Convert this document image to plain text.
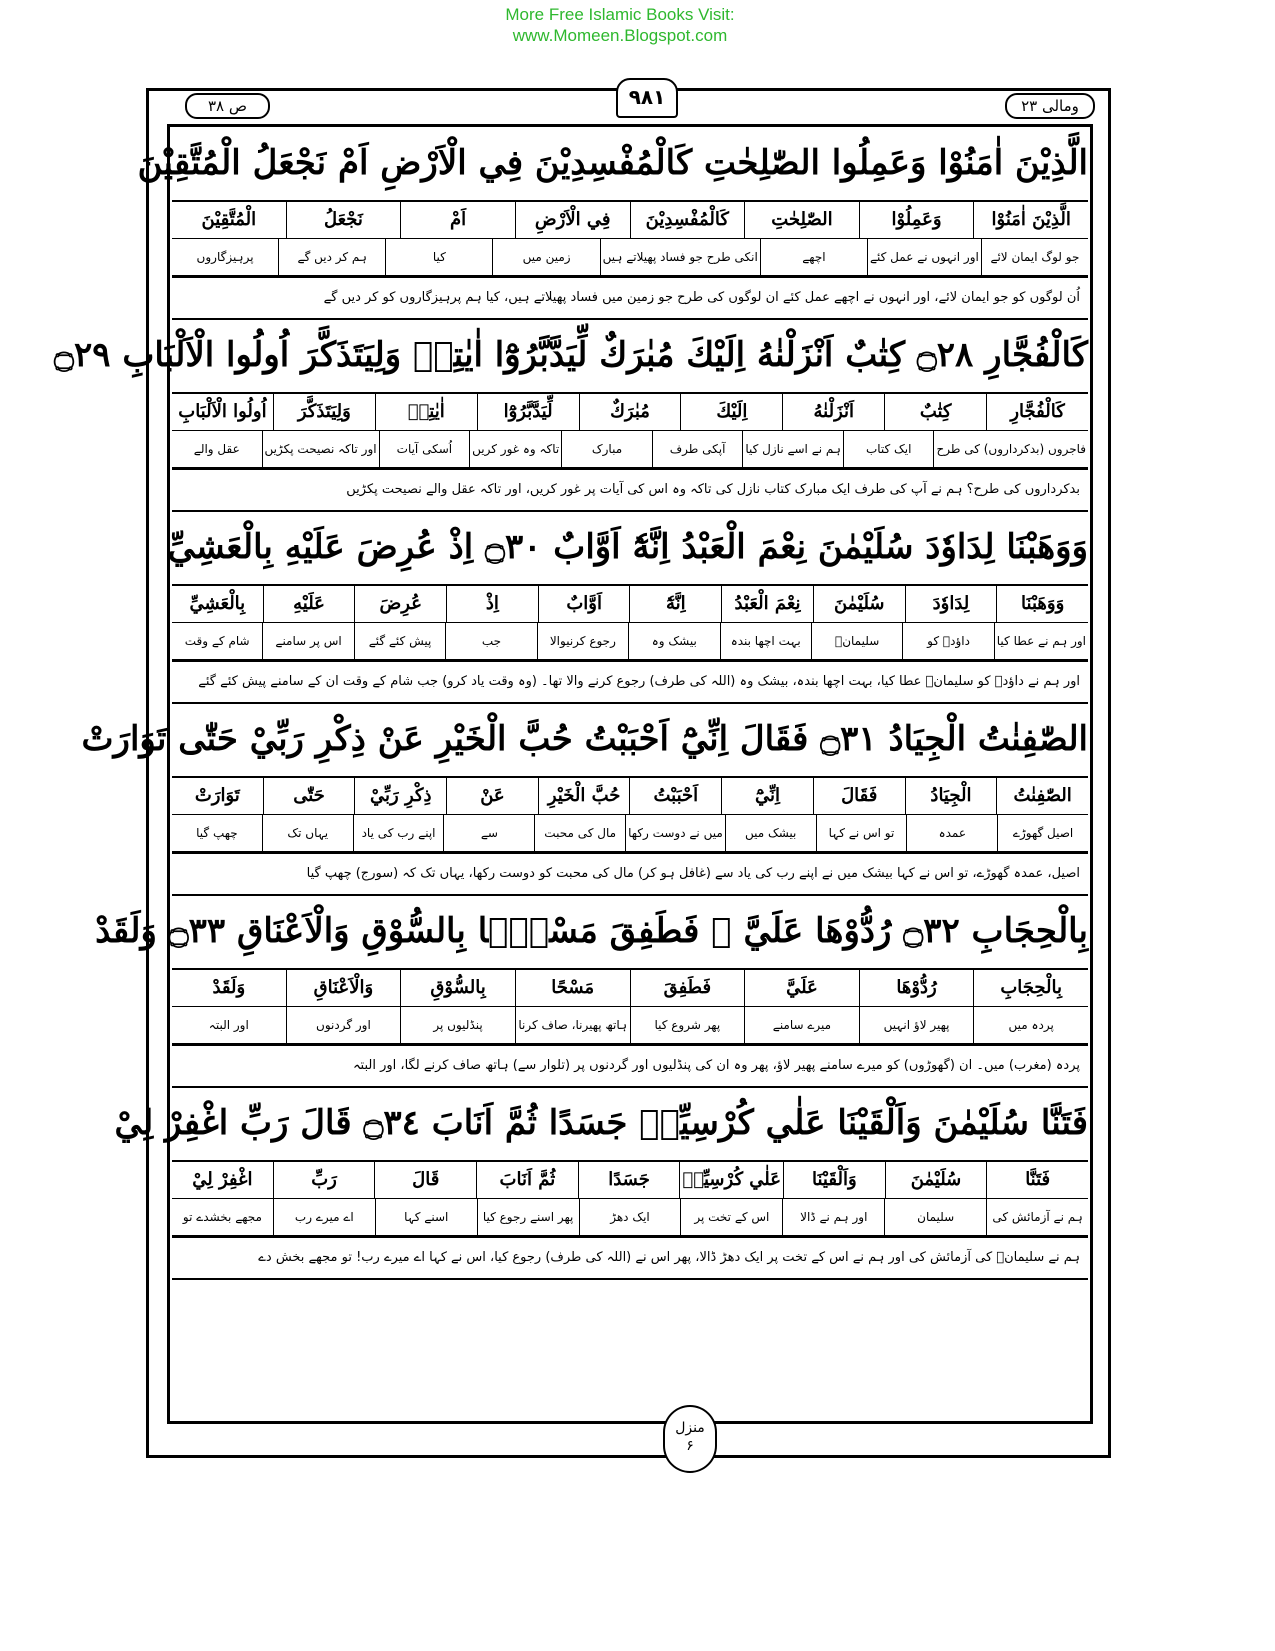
More Free Islamic Books Visit:
www.Momeen.Blogspot.com
ص ۳۸	۹۸۱	ومالی ۲۳
الَّذِيْنَ اٰمَنُوْا وَعَمِلُوا الصّٰلِحٰتِ كَالْمُفْسِدِيْنَ فِي الْاَرْضِ اَمْ نَجْعَلُ الْمُتَّقِيْنَ
الَّذِيْنَ اٰمَنُوْا
وَعَمِلُوْا
الصّٰلِحٰتِ
كَالْمُفْسِدِيْنَ
فِي الْاَرْضِ
اَمْ
نَجْعَلُ
الْمُتَّقِيْنَ
جو لوگ ایمان لائے
اور انہوں نے عمل کئے
اچھے
انکی طرح جو فساد پھیلاتے ہیں
زمین میں
کیا
ہم کر دیں گے
پرہیزگاروں
اُن لوگوں کو جو ایمان لائے، اور انہوں نے اچھے عمل کئے ان لوگوں کی طرح جو زمین میں فساد پھیلاتے ہیں، کیا ہم پرہیزگاروں کو کر دیں گے
كَالْفُجَّارِ ۝٢٨ كِتٰبٌ اَنْزَلْنٰهُ اِلَيْكَ مُبٰرَكٌ لِّيَدَّبَّرُوْٓا اٰيٰتِهٖ وَلِيَتَذَكَّرَ اُولُوا الْاَلْبَابِ ۝٢٩
كَالْفُجَّارِ
كِتٰبٌ
اَنْزَلْنٰهُ
اِلَيْكَ
مُبٰرَكٌ
لِّيَدَّبَّرُوْٓا
اٰيٰتِهٖ
وَلِيَتَذَكَّرَ
اُولُوا الْاَلْبَابِ
فاجروں (بدکرداروں) کی طرح
ایک کتاب
ہم نے اسے نازل کیا
آپکی طرف
مبارک
تاکہ وہ غور کریں
اُسکی آیات
اور تاکہ نصیحت پکڑیں
عقل والے
بدکرداروں کی طرح؟ ہم نے آپ کی طرف ایک مبارک کتاب نازل کی تاکہ وہ اس کی آیات پر غور کریں، اور تاکہ عقل والے نصیحت پکڑیں
وَوَهَبْنَا لِدَاوٗدَ سُلَيْمٰنَ نِعْمَ الْعَبْدُ اِنَّهٗٓ اَوَّابٌ ۝٣٠ اِذْ عُرِضَ عَلَيْهِ بِالْعَشِيِّ
وَوَهَبْنَا
لِدَاوٗدَ
سُلَيْمٰنَ
نِعْمَ الْعَبْدُ
اِنَّهٗٓ
اَوَّابٌ
اِذْ
عُرِضَ
عَلَيْهِ
بِالْعَشِيِّ
اور ہم نے عطا کیا
داؤدؑ کو
سلیمانؑ
بہت اچھا بندہ
بیشک وہ
رجوع کرنیوالا
جب
پیش کئے گئے
اس پر سامنے
شام کے وقت
اور ہم نے داؤدؑ کو سلیمانؑ عطا کیا، بہت اچھا بندہ، بیشک وہ (اللہ کی طرف) رجوع کرنے والا تھا۔ (وہ وقت یاد کرو) جب شام کے وقت ان کے سامنے پیش کئے گئے
الصّٰفِنٰتُ الْجِيَادُ ۝٣١ فَقَالَ اِنِّيْٓ اَحْبَبْتُ حُبَّ الْخَيْرِ عَنْ ذِكْرِ رَبِّيْ حَتّٰى تَوَارَتْ
الصّٰفِنٰتُ
الْجِيَادُ
فَقَالَ
اِنِّيْٓ
اَحْبَبْتُ
حُبَّ الْخَيْرِ
عَنْ
ذِكْرِ رَبِّيْ
حَتّٰى
تَوَارَتْ
اصیل گھوڑے
عمدہ
تو اس نے کہا
بیشک میں
میں نے دوست رکھا
مال کی محبت
سے
اپنے رب کی یاد
یہاں تک
چھپ گیا
اصیل، عمدہ گھوڑے، تو اس نے کہا بیشک میں نے اپنے رب کی یاد سے (غافل ہو کر) مال کی محبت کو دوست رکھا، یہاں تک کہ (سورج) چھپ گیا
بِالْحِجَابِ ۝٣٢ رُدُّوْهَا عَلَيَّ ۭ فَطَفِقَ مَسْحًۢا بِالسُّوْقِ وَالْاَعْنَاقِ ۝٣٣ وَلَقَدْ
بِالْحِجَابِ
رُدُّوْهَا
عَلَيَّ
فَطَفِقَ
مَسْحًا
بِالسُّوْقِ
وَالْاَعْنَاقِ
وَلَقَدْ
پردہ میں
پھیر لاؤ انہیں
میرے سامنے
پھر شروع کیا
ہاتھ پھیرنا، صاف کرنا
پنڈلیوں پر
اور گردنوں
اور البتہ
پردہ (مغرب) میں۔ ان (گھوڑوں) کو میرے سامنے پھیر لاؤ، پھر وہ ان کی پنڈلیوں اور گردنوں پر (تلوار سے) ہاتھ صاف کرنے لگا، اور البتہ
فَتَنَّا سُلَيْمٰنَ وَاَلْقَيْنَا عَلٰي كُرْسِيِّهٖ جَسَدًا ثُمَّ اَنَابَ ۝٣٤ قَالَ رَبِّ اغْفِرْ لِيْ
فَتَنَّا
سُلَيْمٰنَ
وَاَلْقَيْنَا
عَلٰي كُرْسِيِّهٖ
جَسَدًا
ثُمَّ اَنَابَ
قَالَ
رَبِّ
اغْفِرْ لِيْ
ہم نے آزمائش کی
سلیمان
اور ہم نے ڈالا
اس کے تخت پر
ایک دھڑ
پھر اسنے رجوع کیا
اسنے کہا
اے میرے رب
مجھے بخشدے تو
ہم نے سلیمانؑ کی آزمائش کی اور ہم نے اس کے تخت پر ایک دھڑ ڈالا، پھر اس نے (اللہ کی طرف) رجوع کیا، اس نے کہا اے میرے رب! تو مجھے بخش دے
منزل
۶
